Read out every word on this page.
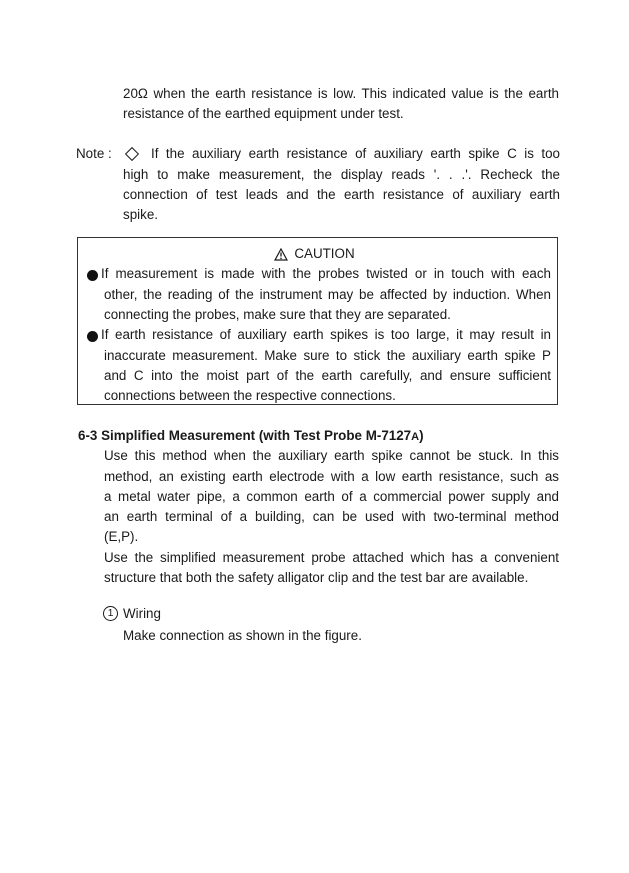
20Ω when the earth resistance is low. This indicated value is the earth
resistance of the earthed equipment under test.
Note :	If the auxiliary earth resistance of auxiliary earth spike C is too
high to make measurement, the display reads '. . .'. Recheck the
connection of test leads and the earth resistance of auxiliary earth
spike.
CAUTION
If measurement is made with the probes twisted or in touch with each
other, the reading of the instrument may be affected by induction. When
connecting the probes, make sure that they are separated.
If earth resistance of auxiliary earth spikes is too large, it may result in
inaccurate measurement. Make sure to stick the auxiliary earth spike P
and C into the moist part of the earth carefully, and ensure sufficient
connections between the respective connections.
6-3 Simplified Measurement (with Test Probe M-7127A)
Use this method when the auxiliary earth spike cannot be stuck. In this
method, an existing earth electrode with a low earth resistance, such as
a metal water pipe, a common earth of a commercial power supply and
an earth terminal of a building, can be used with two-terminal method
(E,P).
Use the simplified measurement probe attached which has a convenient
structure that both the safety alligator clip and the test bar are available.
1 Wiring
Make connection as shown in the figure.
